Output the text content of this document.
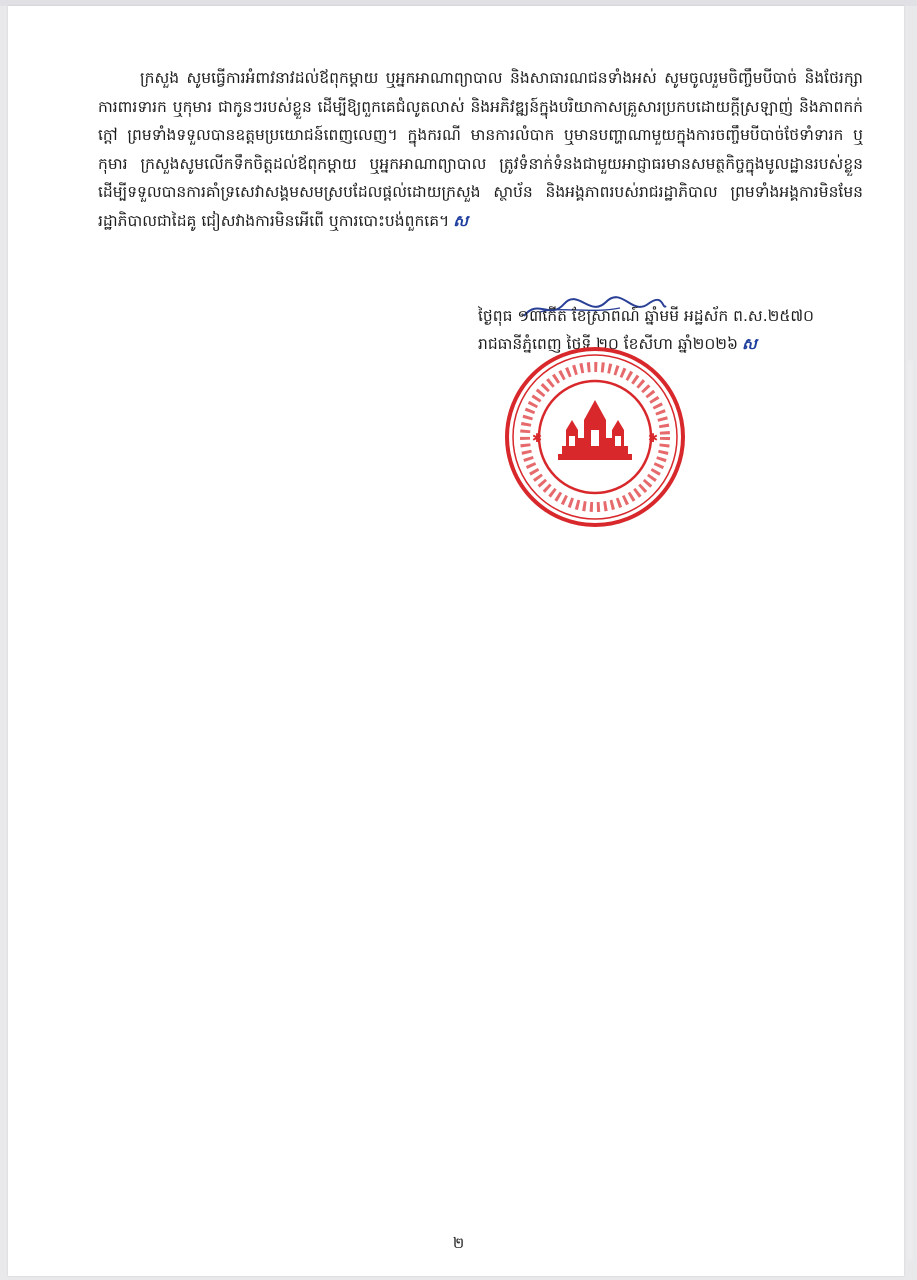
ក្រសួង សូមធ្វើការអំពាវនាវដល់ឪពុកម្ដាយ ឬអ្នកអាណាព្យាបាល និងសាធារណជនទាំងអស់ សូមចូលរួមចិញ្ចឹមបីបាច់ និងថែរក្សាការពារទារក ឬកុមារ ជាកូនៗរបស់ខ្លួន ដើម្បីឱ្យពួកគេជំលូតលាស់ និងអភិវឌ្ឍន៍ក្នុងបរិយាកាសគ្រួសារប្រកបដោយក្ដីស្រឡាញ់ និងភាពកក់ក្ដៅ ព្រមទាំងទទួលបានឧត្ដមប្រយោជន៍ពេញលេញ។ ក្នុងករណី មានការលំបាក ឬមានបញ្ហាណាមួយក្នុងការចញ្ចឹមបីបាច់ថែទាំទារក ឬកុមារ ក្រសួងសូមលើកទឹកចិត្តដល់ឪពុកម្ដាយ ឬអ្នកអាណាព្យាបាល ត្រូវទំនាក់ទំនងជាមួយអាជ្ញាធរមានសមត្ថកិច្ចក្នុងមូលដ្ឋានរបស់ខ្លួន ដើម្បីទទួលបានការគាំទ្រសេវាសង្គមសមស្របដែលផ្ដល់ដោយក្រសួង ស្ថាប័ន និងអង្គភាពរបស់រាជរដ្ឋាភិបាល ព្រមទាំងអង្គការមិនមែនរដ្ឋាភិបាលជាដៃគូ ជៀសវាងការមិនអើពើ ឬការបោះបង់ពួកគេ។ ស
ថ្ងៃពុធ ១៣កើត ខែស្រាពណ៍ ឆ្នាំមមី អដ្ឋស័ក ព.ស.២៥៧០
រាជធានីភ្នំពេញ ថ្ងៃទី ២០ ខែសីហា ឆ្នាំ២០២៦ ស
✱	✱
២
